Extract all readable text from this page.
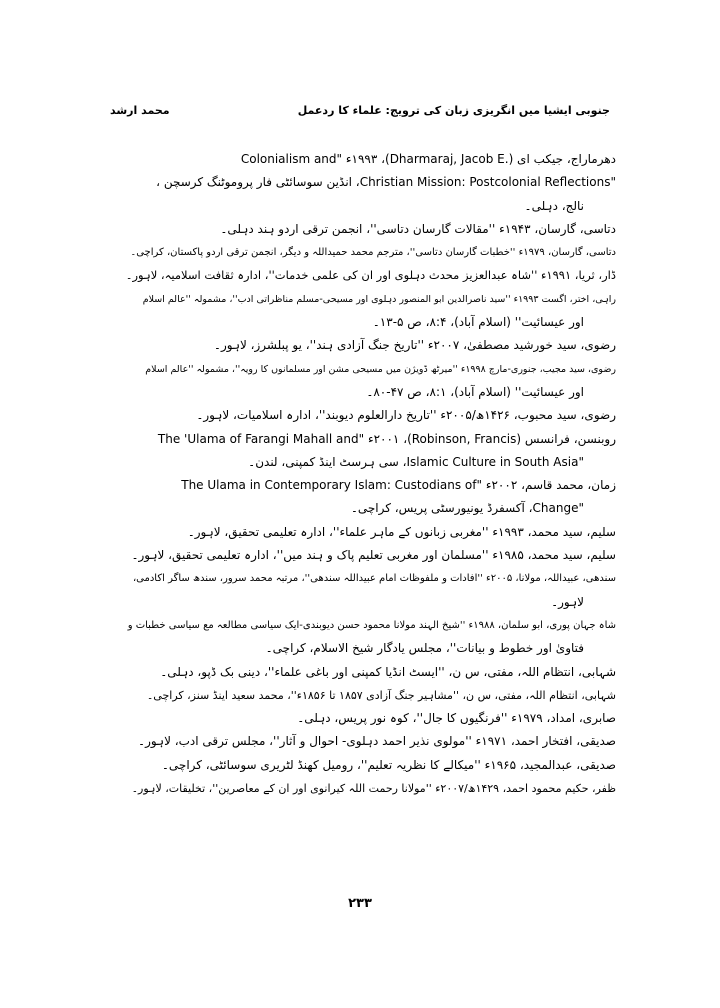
جنوبی ایشیا میں انگریزی زبان کی ترویج: علماء کا ردعمل
محمد ارشد
دھرماراج، جیکب ای (.Dharmaraj, Jacob E)، ۱۹۹۳ء "Colonialism and
"Christian Mission: Postcolonial Reflections، انڈین سوسائٹی فار پروموٹنگ کرسچن ،
نالج، دہلی۔
دتاسی، گارسان، ۱۹۴۳ء ''مقالات گارسان دتاسی''، انجمن ترقی اردو ہند دہلی۔
دتاسی، گارسان، ۱۹۷۹ء ''خطبات گارسان دتاسی''، مترجم محمد حمیداللہ و دیگر، انجمن ترقی اردو پاکستان، کراچی۔
ڈار، ثریا، ۱۹۹۱ء ''شاہ عبدالعزیز محدث دہلوی اور ان کی علمی خدمات''، ادارہ ثقافت اسلامیہ، لاہور۔
راہی، اختر، اگست ۱۹۹۳ء ''سید ناصرالدین ابو المنصور دہلوی اور مسیحی-مسلم مناظراتی ادب''، مشمولہ ''عالم اسلام
اور عیسائیت'' (اسلام آباد)، ۸:۴، ص ۵-۱۳۔
رضوی، سید خورشید مصطفیٰ، ۲۰۰۷ء ''تاریخ جنگ آزادی ہند''، یو پبلشرز، لاہور۔
رضوی، سید مجیب، جنوری-مارچ ۱۹۹۸ء ''میرٹھ ڈویژن میں مسیحی مشن اور مسلمانوں کا رویہ''، مشمولہ ''عالم اسلام
اور عیسائیت'' (اسلام آباد)، ۸:۱، ص ۴۷-۸۰۔
رضوی، سید محبوب، ۱۴۲۶ھ/۲۰۰۵ء ''تاریخ دارالعلوم دیوبند''، ادارہ اسلامیات، لاہور۔
روبنسن، فرانسس (Robinson, Francis)، ۲۰۰۱ء "The 'Ulama of Farangi Mahall and
"Islamic Culture in South Asia، سی ہرسٹ اینڈ کمپنی، لندن۔
زمان، محمد قاسم، ۲۰۰۲ء "The Ulama in Contemporary Islam: Custodians of
"Change، آکسفرڈ یونیورسٹی پریس، کراچی۔
سلیم، سید محمد، ۱۹۹۳ء ''مغربی زبانوں کے ماہر علماء''، ادارہ تعلیمی تحقیق، لاہور۔
سلیم، سید محمد، ۱۹۸۵ء ''مسلمان اور مغربی تعلیم پاک و ہند میں''، ادارہ تعلیمی تحقیق، لاہور۔
سندھی، عبیداللہ، مولانا، ۲۰۰۵ء ''افادات و ملفوظات امام عبیداللہ سندھی''، مرتبہ محمد سرور، سندھ ساگر اکادمی،
لاہور۔
شاہ جہان پوری، ابو سلمان، ۱۹۸۸ء ''شیخ الہند مولانا محمود حسن دیوبندی-ایک سیاسی مطالعہ مع سیاسی خطبات و
فتاویٰ اور خطوط و بیانات''، مجلس یادگار شیخ الاسلام، کراچی۔
شہابی، انتظام اللہ، مفتی، س ن، ''ایسٹ انڈیا کمپنی اور باغی علماء''، دینی بک ڈپو، دہلی۔
شہابی، انتظام اللہ، مفتی، س ن، ''مشاہیر جنگ آزادی ۱۸۵۷ تا ۱۸۵۶ء''، محمد سعید اینڈ سنز، کراچی۔
صابری، امداد، ۱۹۷۹ء ''فرنگیوں کا جال''، کوہ نور پریس، دہلی۔
صدیقی، افتخار احمد، ۱۹۷۱ء ''مولوی نذیر احمد دہلوی- احوال و آثار''، مجلس ترقی ادب، لاہور۔
صدیقی، عبدالمجید، ۱۹۶۵ء ''میکالے کا نظریہ تعلیم''، رومیل کھنڈ لٹریری سوسائٹی، کراچی۔
ظفر، حکیم محمود احمد، ۱۴۲۹ھ/۲۰۰۷ء ''مولانا رحمت اللہ کیرانوی اور ان کے معاصرین''، تخلیقات، لاہور۔
۲۳۳
